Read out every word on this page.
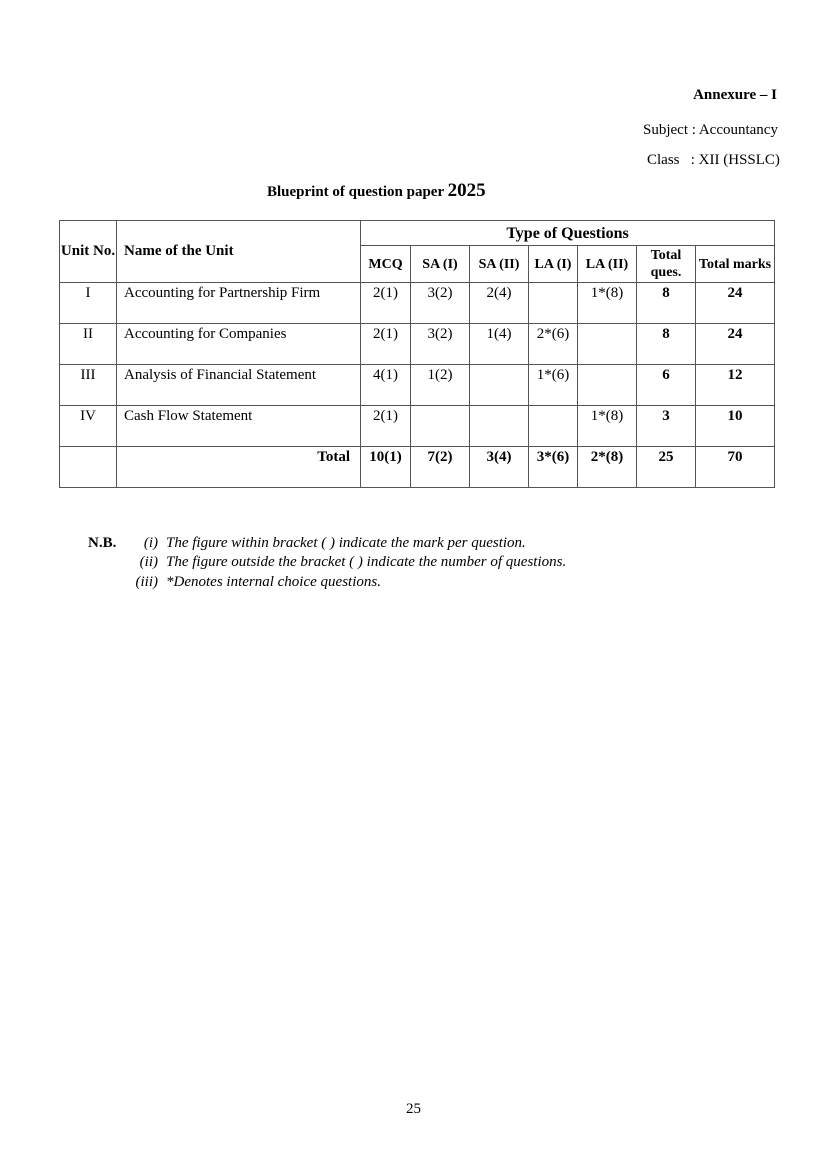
Annexure – I
Subject : Accountancy
Class   : XII (HSSLC)
Blueprint of question paper 2025
Unit No.	Name of the Unit	Type of Questions						
		MCQ	SA (I)	SA (II)	LA (I)	LA (II)	Total ques.	Total marks
I	Accounting for Partnership Firm	2(1)	3(2)	2(4)		1*(8)	8	24
II	Accounting for Companies	2(1)	3(2)	1(4)	2*(6)		8	24
III	Analysis of Financial Statement	4(1)	1(2)		1*(6)		6	12
IV	Cash Flow Statement	2(1)				1*(8)	3	10
	Total	10(1)	7(2)	3(4)	3*(6)	2*(8)	25	70
N.B.	(i) The figure within bracket ( ) indicate the mark per question.
(ii) The figure outside the bracket ( ) indicate the number of questions.
(iii) *Denotes internal choice questions.
25
